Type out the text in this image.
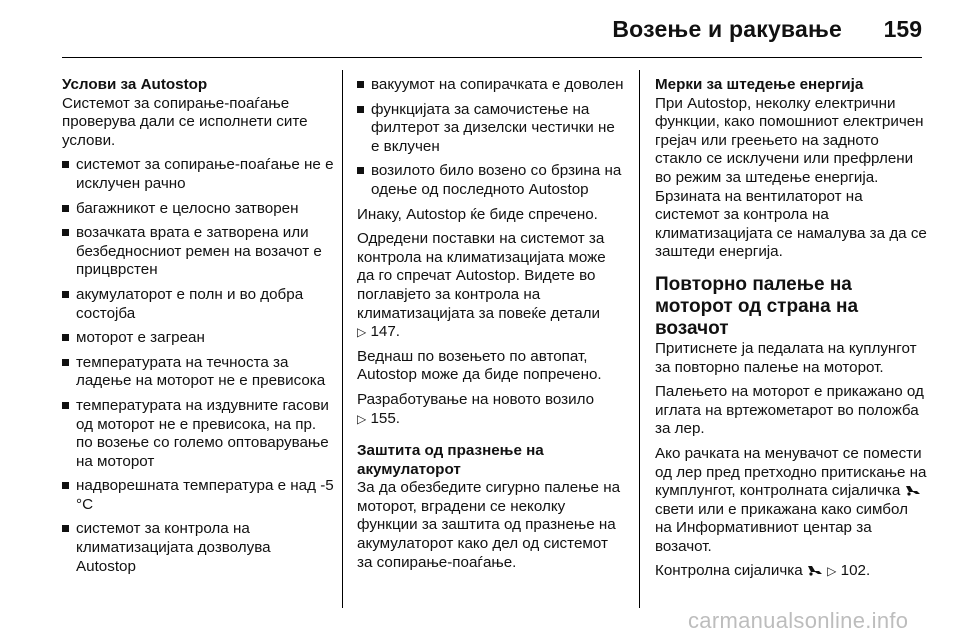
Возење и ракување 159
Услови за Autostop

Системот за сопирање-поаѓање проверува дали се исполнети сите услови.

системот за сопирање-поаѓање не е исклучен рачно
багажникот е целосно затворен
возачката врата е затворена или безбедносниот ремен на возачот е прицврстен
акумулаторот е полн и во добра состојба
моторот е загреан
температурата на течноста за ладење на моторот не е превисока
температурата на издувните гасови од моторот не е превисока, на пр. по возење со големо оптоварување на моторот
надворешната температура е над -5 °C
системот за контрола на климатизацијата дозволува Autostop
вакуумот на сопирачката е доволен
функцијата за самочистење на филтерот за дизелски честички не е вклучен
возилото било возено со брзина на одење од последното Autostop

Инаку, Autostop ќе биде спречено.

Одредени поставки на системот за контрола на климатизацијата може да го спречат Autostop. Видете во поглавјето за контрола на климатизацијата за повеќе детали
▷ 147.

Веднаш по возењето по автопат, Autostop може да биде попречено.

Разработување на новото возило
▷ 155.

Заштита од празнење на акумулаторот

За да обезбедите сигурно палење на моторот, вградени се неколку функции за заштита од празнење на акумулаторот како дел од системот за сопирање-поаѓање.

Мерки за штедење енергија

При Autostop, неколку електрични функции, како помошниот електричен грејач или греењето на задното стакло се исклучени или префрлени во режим за штедење енергија. Брзината на вентилаторот на системот за контрола на климатизацијата се намалува за да се заштеди енергија.

Повторно палење на моторот од страна на возачот

Притиснете ја педалата на куплунгот за повторно палење на моторот.

Палењето на моторот е прикажано од иглата на вртежометарот во положба за лер.

Ако рачката на менувачот се помести од лер пред претходно притискање на кумплунгот, контролната сијаличка  свети или е прикажана како симбол на Информативниот центар за возачот.

Контролна сијаличка ▷ 102.

carmanualsonline.info
